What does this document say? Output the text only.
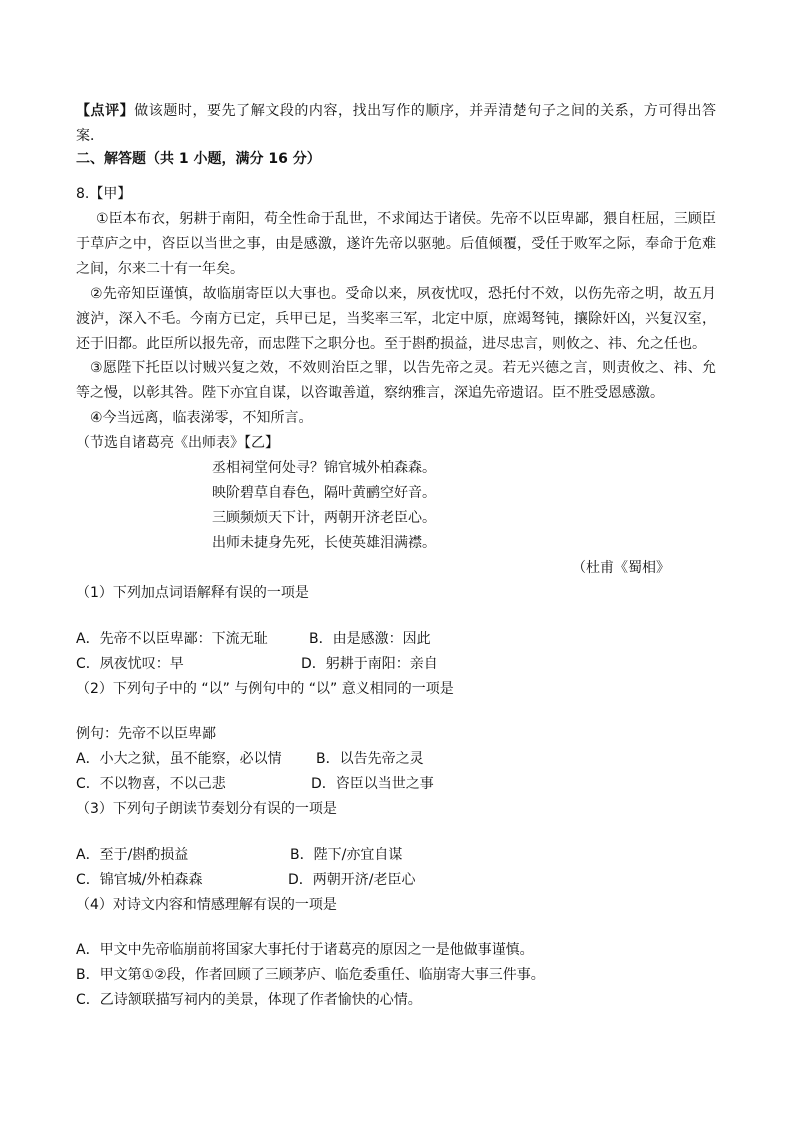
【点评】做该题时，要先了解文段的内容，找出写作的顺序，并弄清楚句子之间的关系，方可得出答案．
二、解答题（共 1 小题，满分 16 分）
8.【甲】
①臣本布衣，躬耕于南阳，苟全性命于乱世，不求闻达于诸侯。先帝不以臣卑鄙，猥自枉屈，三顾臣于草庐之中，咨臣以当世之事，由是感激，遂许先帝以驱驰。后值倾覆，受任于败军之际，奉命于危难之间，尔来二十有一年矣。
②先帝知臣谨慎，故临崩寄臣以大事也。受命以来，夙夜忧叹，恐托付不效，以伤先帝之明，故五月渡泸，深入不毛。今南方已定，兵甲已足，当奖率三军，北定中原，庶竭驽钝，攘除奸凶，兴复汉室，还于旧都。此臣所以报先帝，而忠陛下之职分也。至于斟酌损益，进尽忠言，则攸之、祎、允之任也。
③愿陛下托臣以讨贼兴复之效，不效则治臣之罪，以告先帝之灵。若无兴德之言，则责攸之、祎、允等之慢，以彰其咎。陛下亦宜自谋，以咨诹善道，察纳雅言，深追先帝遗诏。臣不胜受恩感激。
④今当远离，临表涕零，不知所言。
（节选自诸葛亮《出师表》【乙】
丞相祠堂何处寻？锦官城外柏森森。
映阶碧草自春色，隔叶黄鹂空好音。
三顾频烦天下计，两朝开济老臣心。
出师未捷身先死，长使英雄泪满襟。
（杜甫《蜀相》
（1）下列加点词语解释有误的一项是
A．先帝不以臣卑鄙：下流无耻	B．由是感激：因此
C．夙夜忧叹：早	D．躬耕于南阳：亲自
（2）下列句子中的 “以” 与例句中的 “以” 意义相同的一项是
例句：先帝不以臣卑鄙
A．小大之狱，虽不能察，必以情 B．以告先帝之灵
C．不以物喜，不以己悲	D．咨臣以当世之事
（3）下列句子朗读节奏划分有误的一项是
A．至于/斟酌损益	B．陛下/亦宜自谋
C．锦官城/外柏森森	D．两朝开济/老臣心
（4）对诗文内容和情感理解有误的一项是
A．甲文中先帝临崩前将国家大事托付于诸葛亮的原因之一是他做事谨慎。
B．甲文第①②段，作者回顾了三顾茅庐、临危委重任、临崩寄大事三件事。
C．乙诗颔联描写祠内的美景，体现了作者愉快的心情。
